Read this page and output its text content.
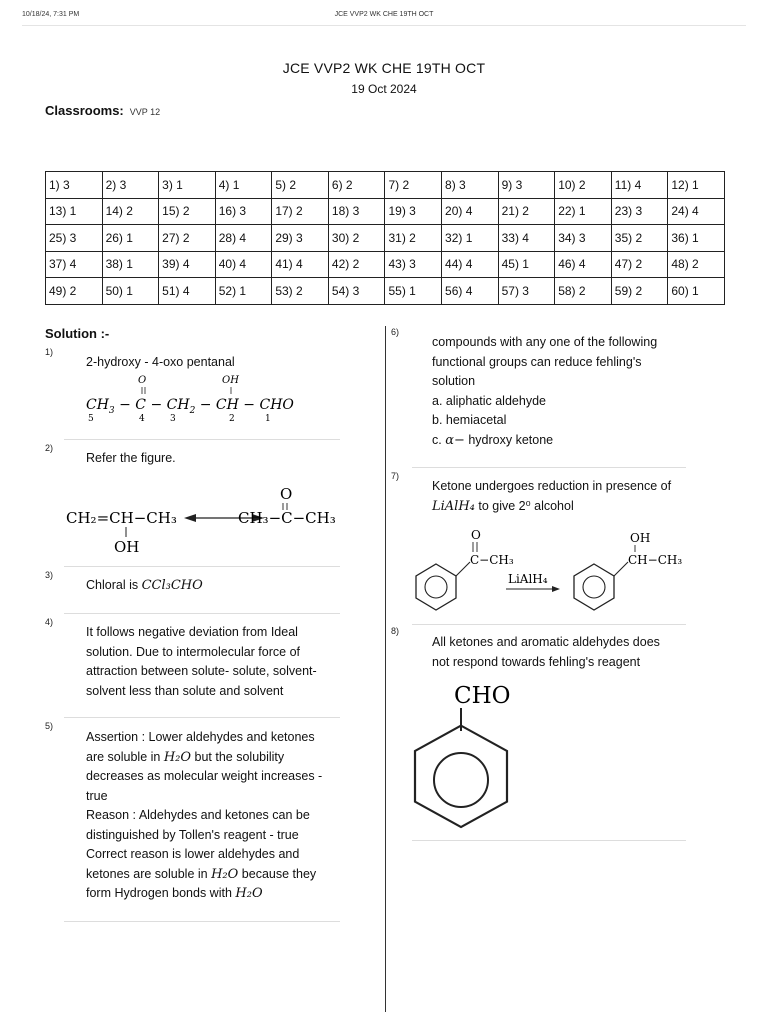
10/18/24, 7:31 PM	JCE VVP2 WK CHE 19TH OCT
JCE VVP2 WK CHE 19TH OCT
19 Oct 2024
Classrooms: VVP 12
1) 3	2) 3	3) 1	4) 1	5) 2	6) 2	7) 2	8) 3	9) 3	10) 2	11) 4	12) 1
13) 1	14) 2	15) 2	16) 3	17) 2	18) 3	19) 3	20) 4	21) 2	22) 1	23) 3	24) 4
25) 3	26) 1	27) 2	28) 4	29) 3	30) 2	31) 2	32) 1	33) 4	34) 3	35) 2	36) 1
37) 4	38) 1	39) 4	40) 4	41) 4	42) 2	43) 3	44) 4	45) 1	46) 4	47) 2	48) 2
49) 2	50) 1	51) 4	52) 1	53) 2	54) 3	55) 1	56) 4	57) 3	58) 2	59) 2	60) 1
Solution :-
1)
2-hydroxy - 4-oxo pentanal
O	OH
$CH_3 - C - CH_2$ − CH − CHO
5	4	3	2	1
2)
Refer the figure.
CH₂=CH−CH₃
OH
CH₃−C−CH₃
O
3)
Chloral is CCl₃CHO
4)
It follows negative deviation from Ideal
solution. Due to intermolecular force of
attraction between solute- solute, solvent-
solvent less than solute and solvent
5)
Assertion : Lower aldehydes and ketones
are soluble in H₂O but the solubility
decreases as molecular weight increases -
true
Reason : Aldehydes and ketones can be
distinguished by Tollen's reagent - true
Correct reason is lower aldehydes and
ketones are soluble in H₂O because they
form Hydrogen bonds with H₂O
6)
compounds with any one of the following
functional groups can reduce fehling's
solution
a. aliphatic aldehyde
b. hemiacetal
c. α− hydroxy ketone
7)
Ketone undergoes reduction in presence of
LiAlH₄ to give 2⁰ alcohol
O
C−CH₃
LiAlH₄
OH
CH−CH₃
8)
All ketones and aromatic aldehydes does
not respond towards fehling's reagent
CHO
